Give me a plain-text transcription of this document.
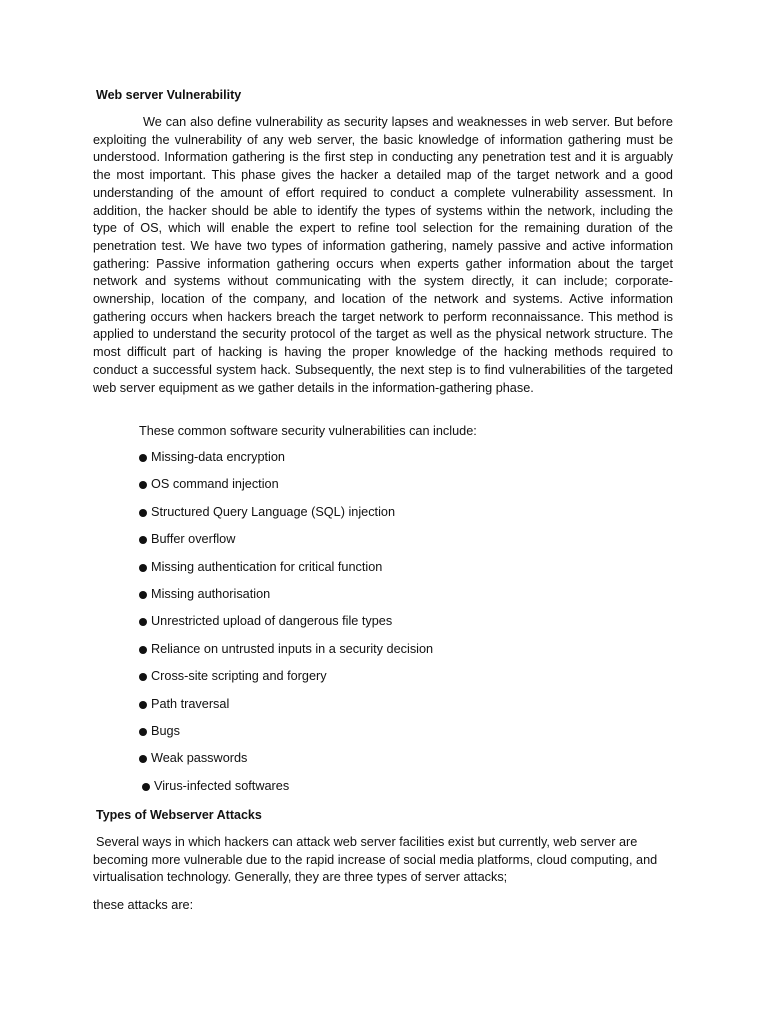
Web server Vulnerability

We can also define vulnerability as security lapses and weaknesses in web server. But before exploiting the vulnerability of any web server, the basic knowledge of information gathering must be understood. Information gathering is the first step in conducting any penetration test and it is arguably the most important. This phase gives the hacker a detailed map of the target network and a good understanding of the amount of effort required to conduct a complete vulnerability assessment. In addition, the hacker should be able to identify the types of systems within the network, including the type of OS, which will enable the expert to refine tool selection for the remaining duration of the penetration test. We have two types of information gathering, namely passive and active information gathering: Passive information gathering occurs when experts gather information about the target network and systems without communicating with the system directly, it can include; corporate-ownership, location of the company, and location of the network and systems. Active information gathering occurs when hackers breach the target network to perform reconnaissance. This method is applied to understand the security protocol of the target as well as the physical network structure. The most difficult part of hacking is having the proper knowledge of the hacking methods required to conduct a successful system hack. Subsequently, the next step is to find vulnerabilities of the targeted web server equipment as we gather details in the information-gathering phase.

These common software security vulnerabilities can include:
Missing-data encryption
OS command injection
Structured Query Language (SQL) injection
Buffer overflow
Missing authentication for critical function
Missing authorisation
Unrestricted upload of dangerous file types
Reliance on untrusted inputs in a security decision
Cross-site scripting and forgery
Path traversal
Bugs
Weak passwords
Virus-infected softwares
Types of Webserver Attacks

Several ways in which hackers can attack web server facilities exist but currently, web server are becoming more vulnerable due to the rapid increase of social media platforms, cloud computing, and virtualisation technology. Generally, they are three types of server attacks;

these attacks are:
